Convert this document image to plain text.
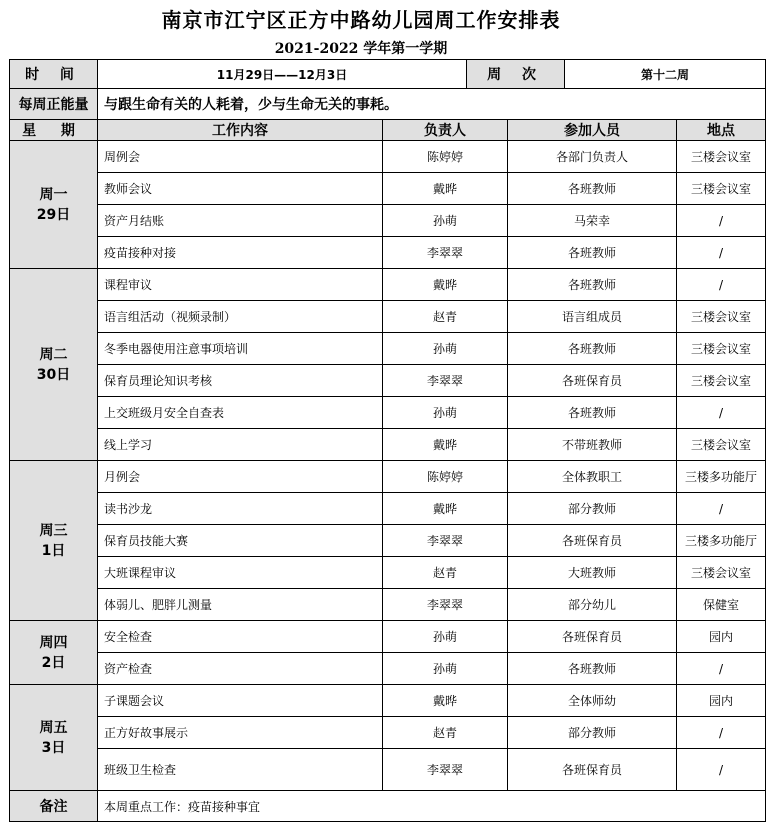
南京市江宁区正方中路幼儿园周工作安排表
2021-2022 学年第一学期
时 间	11月29日——12月3日		周 次		第十二周	
每周正能量	与跟生命有关的人耗着，少与生命无关的事耗。					
星 期	工作内容	负责人		参加人员		地点

周一
29日	周例会	陈婷婷		各部门负责人		三楼会议室
	教师会议	戴晔		各班教师		三楼会议室
	资产月结账	孙萌		马荣幸		/
	疫苗接种对接	李翠翠		各班教师		/

周二
30日	课程审议	戴晔		各班教师		/
	语言组活动（视频录制）	赵青		语言组成员		三楼会议室
	冬季电器使用注意事项培训	孙萌		各班教师		三楼会议室
	保育员理论知识考核	李翠翠		各班保育员		三楼会议室
	上交班级月安全自查表	孙萌		各班教师		/
	线上学习	戴晔		不带班教师		三楼会议室

周三
1日	月例会	陈婷婷		全体教职工		三楼多功能厅
	读书沙龙	戴晔		部分教师		/
	保育员技能大赛	李翠翠		各班保育员		三楼多功能厅
	大班课程审议	赵青		大班教师		三楼会议室
	体弱儿、肥胖儿测量	李翠翠		部分幼儿		保健室

周四
2日	安全检查	孙萌		各班保育员		园内
	资产检查	孙萌		各班教师		/

周五
3日	子课题会议	戴晔		全体师幼		园内
	正方好故事展示	赵青		部分教师		/
	班级卫生检查	李翠翠		各班保育员		/
备注	本周重点工作：疫苗接种事宜					
